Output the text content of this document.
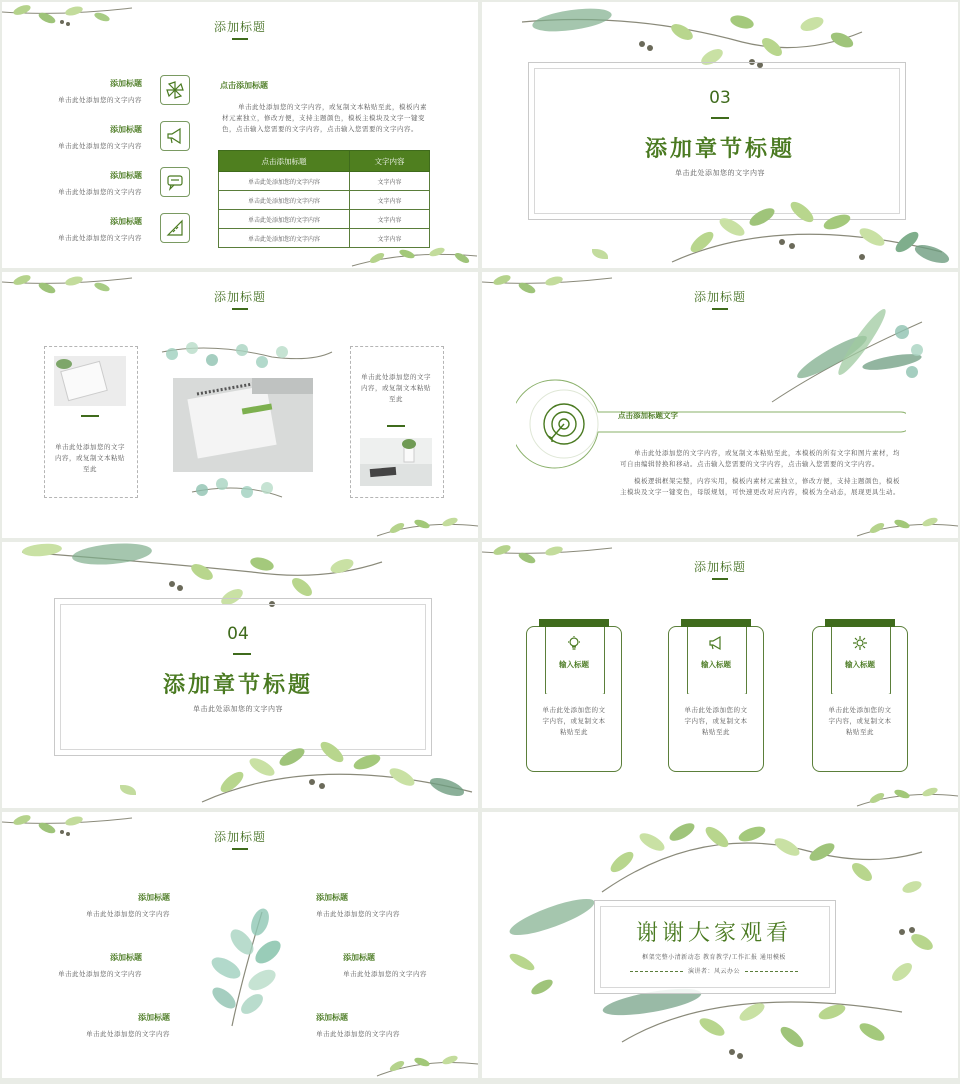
添加标题
添加标题
单击此处添加您的文字内容
添加标题
单击此处添加您的文字内容
添加标题
单击此处添加您的文字内容
添加标题
单击此处添加您的文字内容
点击添加标题
单击此处添加您的文字内容，或复制文本粘贴至此，模板内素材元素独立，修改方便，支持主题颜色，模板主模块及文字一键变色，点击输入您需要的文字内容，点击输入您需要的文字内容。
点击添加标题	文字内容
单击此处添加您的文字内容	文字内容
单击此处添加您的文字内容	文字内容
单击此处添加您的文字内容	文字内容
单击此处添加您的文字内容	文字内容
03
添加章节标题
单击此处添加您的文字内容
添加标题
单击此处添加您的文字内容，或复制文本粘贴至此
单击此处添加您的文字内容，或复制文本粘贴至此
添加标题
点击添加标题文字
单击此处添加您的文字内容，或复制文本粘贴至此，本模板的所有文字和图片素材，均可自由编辑替换和移动。点击输入您需要的文字内容，点击输入您需要的文字内容。
模板逻辑框架完整，内容实用，模板内素材元素独立，修改方便，支持主题颜色，模板主模块及文字一键变色，母版规划，可快速更改对应内容，模板为全动态，展现更具生动。
04
添加章节标题
单击此处添加您的文字内容
添加标题
输入标题
单击此处添加您的文字内容，或复制文本粘贴至此
输入标题
单击此处添加您的文字内容，或复制文本粘贴至此
输入标题
单击此处添加您的文字内容，或复制文本粘贴至此
添加标题
添加标题
单击此处添加您的文字内容
添加标题
单击此处添加您的文字内容
添加标题
单击此处添加您的文字内容
添加标题
单击此处添加您的文字内容
添加标题
单击此处添加您的文字内容
添加标题
单击此处添加您的文字内容
谢谢大家观看
框架完整小清新动态 教育教学/工作汇报 通用模板
演讲者：风云办公
